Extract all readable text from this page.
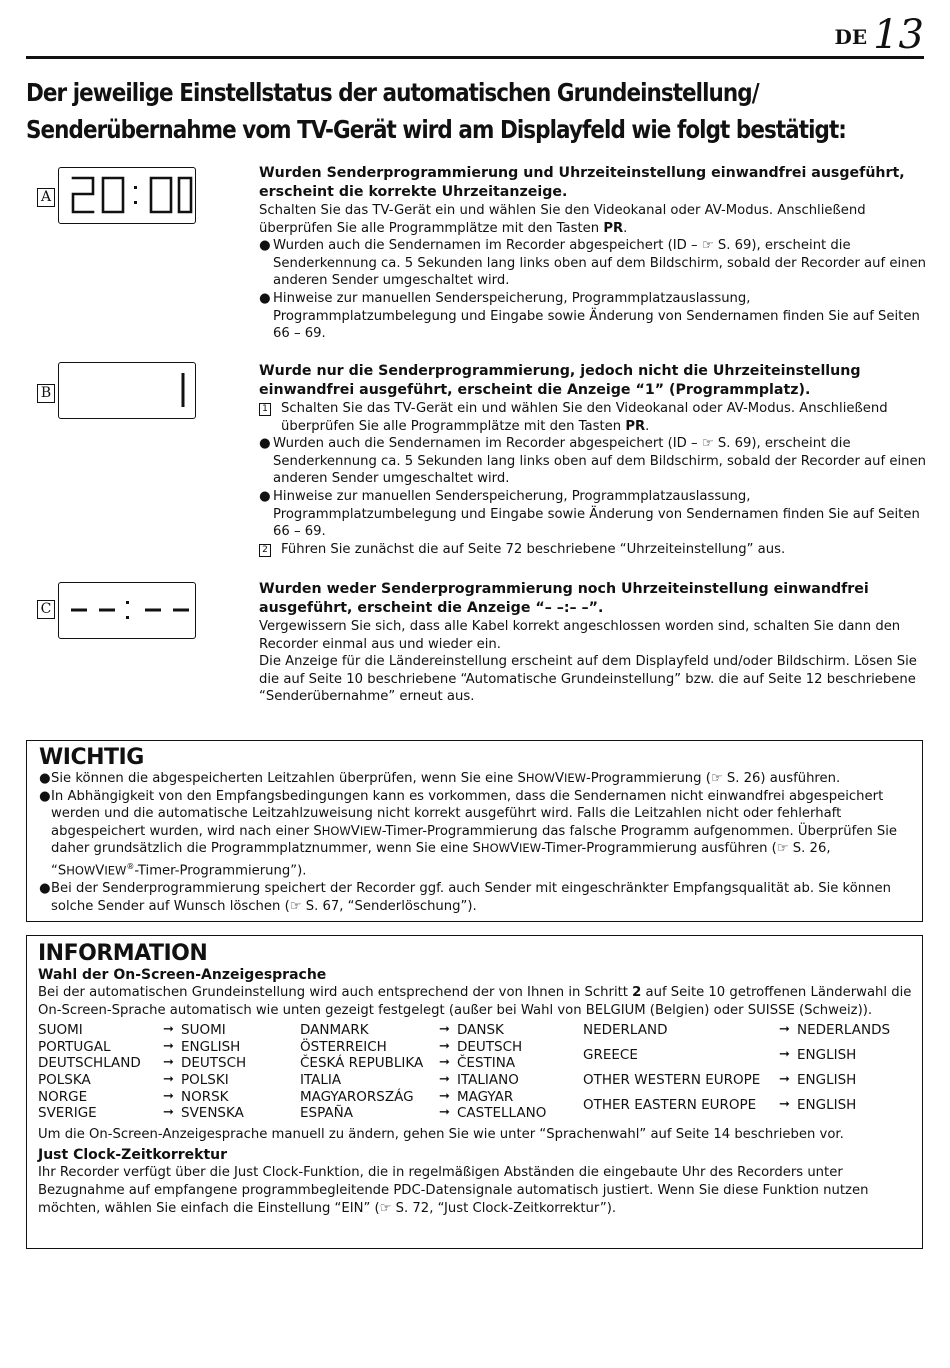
DE 13
Der jeweilige Einstellstatus der automatischen Grundeinstellung/
Senderübernahme vom TV-Gerät wird am Displayfeld wie folgt bestätigt:
A

Wurden Senderprogrammierung und Uhrzeiteinstellung einwandfrei ausgeführt, erscheint die korrekte Uhrzeitanzeige.

Schalten Sie das TV-Gerät ein und wählen Sie den Videokanal oder AV-Modus. Anschließend überprüfen Sie alle Programmplätze mit den Tasten PR.

● Wurden auch die Sendernamen im Recorder abgespeichert (ID – ☞ S. 69), erscheint die Senderkennung ca. 5 Sekunden lang links oben auf dem Bildschirm, sobald der Recorder auf einen anderen Sender umgeschaltet wird.

● Hinweise zur manuellen Senderspeicherung, Programmplatzauslassung, Programmplatzumbelegung und Eingabe sowie Änderung von Sendernamen finden Sie auf Seiten 66 – 69.

B

Wurde nur die Senderprogrammierung, jedoch nicht die Uhrzeiteinstellung einwandfrei ausgeführt, erscheint die Anzeige “1” (Programmplatz).

1 Schalten Sie das TV-Gerät ein und wählen Sie den Videokanal oder AV-Modus. Anschließend überprüfen Sie alle Programmplätze mit den Tasten PR.

● Wurden auch die Sendernamen im Recorder abgespeichert (ID – ☞ S. 69), erscheint die Senderkennung ca. 5 Sekunden lang links oben auf dem Bildschirm, sobald der Recorder auf einen anderen Sender umgeschaltet wird.

● Hinweise zur manuellen Senderspeicherung, Programmplatzauslassung, Programmplatzumbelegung und Eingabe sowie Änderung von Sendernamen finden Sie auf Seiten 66 – 69.

2 Führen Sie zunächst die auf Seite 72 beschriebene “Uhrzeiteinstellung” aus.

C

Wurden weder Senderprogrammierung noch Uhrzeiteinstellung einwandfrei ausgeführt, erscheint die Anzeige “– –:– –”.

Vergewissern Sie sich, dass alle Kabel korrekt angeschlossen worden sind, schalten Sie dann den Recorder einmal aus und wieder ein.

Die Anzeige für die Ländereinstellung erscheint auf dem Displayfeld und/oder Bildschirm. Lösen Sie die auf Seite 10 beschriebene “Automatische Grundeinstellung” bzw. die auf Seite 12 beschriebene “Senderübernahme” erneut aus.

WICHTIG

●Sie können die abgespeicherten Leitzahlen überprüfen, wenn Sie eine SHOWVIEW-Programmierung (☞ S. 26) ausführen.

●In Abhängigkeit von den Empfangsbedingungen kann es vorkommen, dass die Sendernamen nicht einwandfrei abgespeichert werden und die automatische Leitzahlzuweisung nicht korrekt ausgeführt wird. Falls die Leitzahlen nicht oder fehlerhaft abgespeichert wurden, wird nach einer SHOWVIEW-Timer-Programmierung das falsche Programm aufgenommen. Überprüfen Sie daher grundsätzlich die Programmplatznummer, wenn Sie eine SHOWVIEW-Timer-Programmierung ausführen (☞ S. 26, “SHOWVIEW®-Timer-Programmierung”).

●Bei der Senderprogrammierung speichert der Recorder ggf. auch Sender mit eingeschränkter Empfangsqualität ab. Sie können solche Sender auf Wunsch löschen (☞ S. 67, “Senderlöschung”).

INFORMATION

Wahl der On-Screen-Anzeigesprache

Bei der automatischen Grundeinstellung wird auch entsprechend der von Ihnen in Schritt 2 auf Seite 10 getroffenen Länderwahl die On-Screen-Sprache automatisch wie unten gezeigt festgelegt (außer bei Wahl von BELGIUM (Belgien) oder SUISSE (Schweiz)).

SUOMI	➞	SUOMI
PORTUGAL	➞	ENGLISH
DEUTSCHLAND	➞	DEUTSCH
POLSKA	➞	POLSKI
NORGE	➞	NORSK
SVERIGE	➞	SVENSKA
DANMARK	➞	DANSK
ÖSTERREICH	➞	DEUTSCH
ČESKÁ REPUBLIKA	➞	ČESTINA
ITALIA	➞	ITALIANO
MAGYARORSZÁG	➞	MAGYAR
ESPAÑA	➞	CASTELLANO
NEDERLAND	➞	NEDERLANDS
GREECE	➞	ENGLISH
OTHER WESTERN EUROPE	➞	ENGLISH
OTHER EASTERN EUROPE	➞	ENGLISH

Um die On-Screen-Anzeigesprache manuell zu ändern, gehen Sie wie unter “Sprachenwahl” auf Seite 14 beschrieben vor.

Just Clock-Zeitkorrektur

Ihr Recorder verfügt über die Just Clock-Funktion, die in regelmäßigen Abständen die eingebaute Uhr des Recorders unter Bezugnahme auf empfangene programmbegleitende PDC-Datensignale automatisch justiert. Wenn Sie diese Funktion nutzen möchten, wählen Sie einfach die Einstellung “EIN” (☞ S. 72, “Just Clock-Zeitkorrektur”).
